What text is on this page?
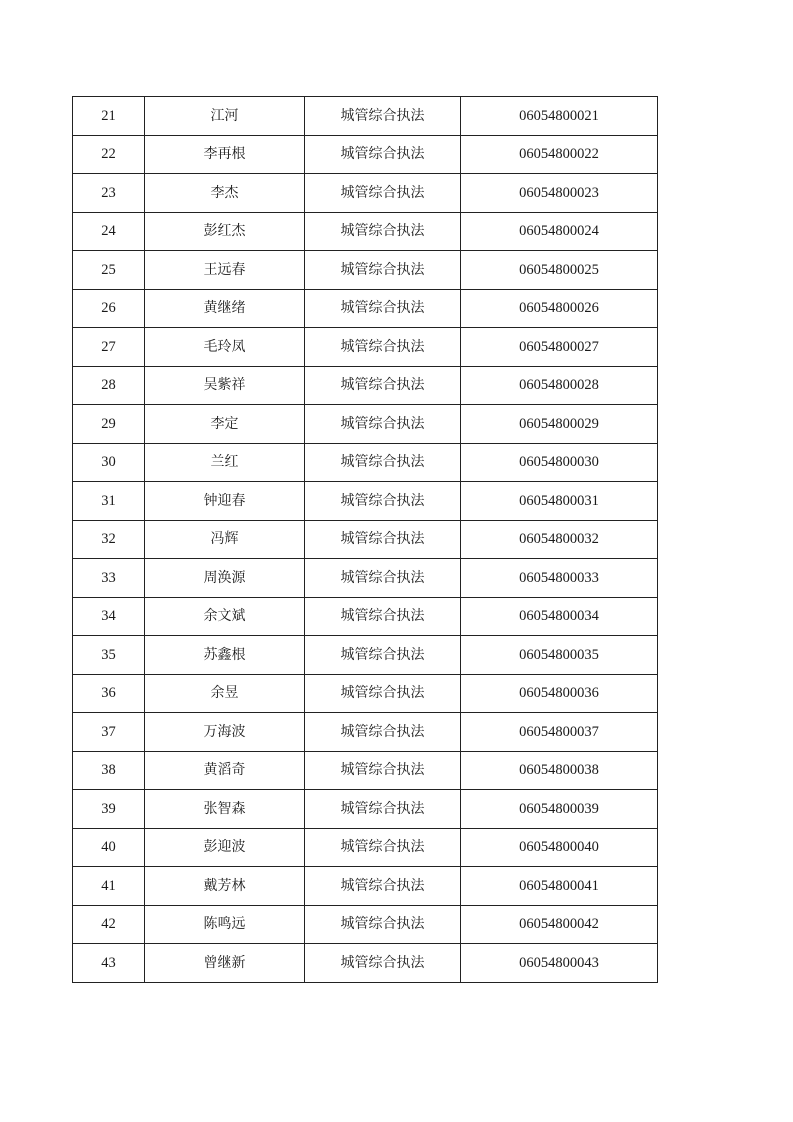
21	江河	城管综合执法	06054800021
22	李再根	城管综合执法	06054800022
23	李杰	城管综合执法	06054800023
24	彭红杰	城管综合执法	06054800024
25	王远春	城管综合执法	06054800025
26	黄继绪	城管综合执法	06054800026
27	毛玲凤	城管综合执法	06054800027
28	吴紫祥	城管综合执法	06054800028
29	李定	城管综合执法	06054800029
30	兰红	城管综合执法	06054800030
31	钟迎春	城管综合执法	06054800031
32	冯辉	城管综合执法	06054800032
33	周涣源	城管综合执法	06054800033
34	余文斌	城管综合执法	06054800034
35	苏鑫根	城管综合执法	06054800035
36	余昱	城管综合执法	06054800036
37	万海波	城管综合执法	06054800037
38	黄滔奇	城管综合执法	06054800038
39	张智森	城管综合执法	06054800039
40	彭迎波	城管综合执法	06054800040
41	戴芳林	城管综合执法	06054800041
42	陈鸣远	城管综合执法	06054800042
43	曾继新	城管综合执法	06054800043
